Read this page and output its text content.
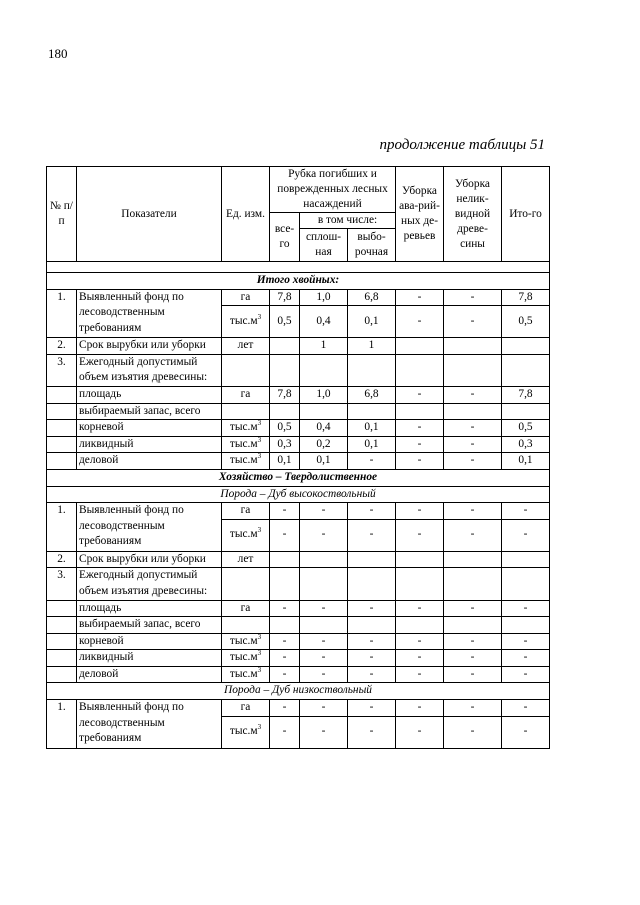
180
продолжение таблицы 51
№ п/п	Показатели	Ед. изм.	Рубка погибших и поврежденных лесных насаждений			Уборка ава-рий-ных де-ревьев	Уборка нелик-видной древе-сины	Ито-го
			все-го	в том числе:				
				сплош-ная	выбо-рочная			

Итого хвойных:								
1.	Выявленный фонд по лесоводственным требованиям	га	7,8	1,0	6,8	-	-	7,8
		$тыс.м^3$	0,5	0,4	0,1	-	-	0,5
2.	Срок вырубки или уборки	лет		1	1			
3.	Ежегодный допустимый объем изъятия древесины:							
	площадь	га	7,8	1,0	6,8	-	-	7,8
	выбираемый запас, всего							
	корневой	$тыс.м^3$	0,5	0,4	0,1	-	-	0,5
	ликвидный	$тыс.м^3$	0,3	0,2	0,1	-	-	0,3
	деловой	$тыс.м^3$	0,1	0,1	-	-	-	0,1
Хозяйство – Твердолиственное								
Порода – Дуб высокоствольный								
1.	Выявленный фонд по лесоводственным требованиям	га	-	-	-	-	-	-
		$тыс.м^3$	-	-	-	-	-	-
2.	Срок вырубки или уборки	лет						
3.	Ежегодный допустимый объем изъятия древесины:							
	площадь	га	-	-	-	-	-	-
	выбираемый запас, всего							
	корневой	$тыс.м^3$	-	-	-	-	-	-
	ликвидный	$тыс.м^3$	-	-	-	-	-	-
	деловой	$тыс.м^3$	-	-	-	-	-	-
Порода – Дуб низкоствольный								
1.	Выявленный фонд по лесоводственным требованиям	га	-	-	-	-	-	-
		$тыс.м^3$	-	-	-	-	-	-
